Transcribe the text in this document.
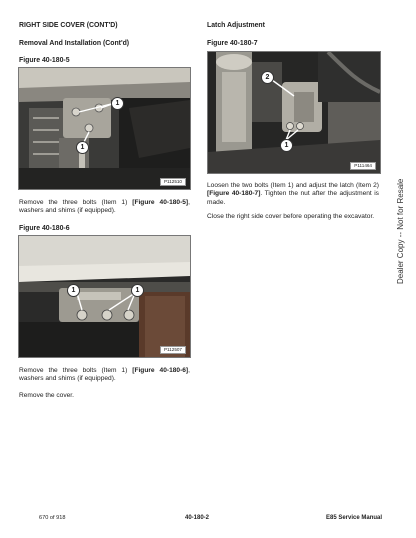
RIGHT SIDE COVER (CONT'D)
Removal And Installation (Cont'd)
Figure 40-180-5
1
1
P112510
Remove the three bolts (Item 1) [Figure 40-180-5], washers and shims (if equipped).
Figure 40-180-6
1	1
P112507
Remove the three bolts (Item 1) [Figure 40-180-6], washers and shims (if equipped).
Remove the cover.
Latch Adjustment
Figure 40-180-7
2
1
P111464
Loosen the two bolts (Item 1) and adjust the latch (Item 2) [Figure 40-180-7]. Tighten the nut after the adjustment is made.
Close the right side cover before operating the excavator.	Dealer Copy -- Not for Resale
670 of 918	40-180-2	E85 Service Manual
